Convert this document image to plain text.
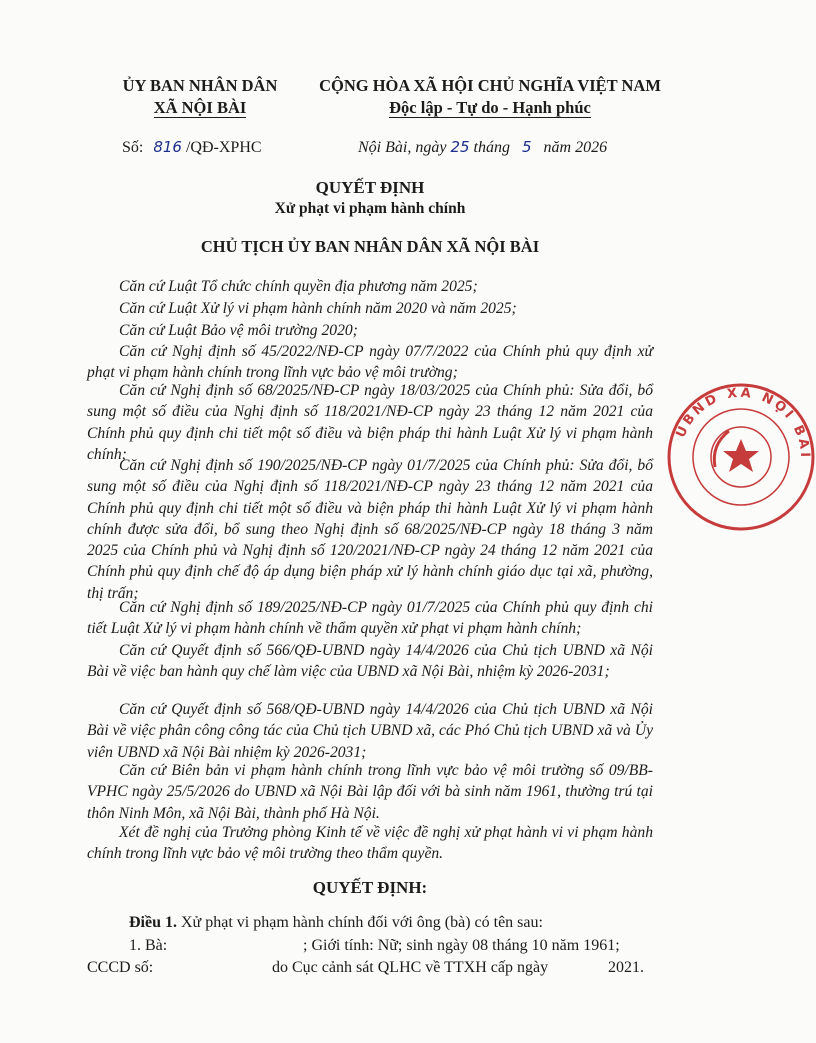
ỦY BAN NHÂN DÂN
XÃ NỘI BÀI
CỘNG HÒA XÃ HỘI CHỦ NGHĨA VIỆT NAM
Độc lập - Tự do - Hạnh phúc
Số: 816 /QĐ-XPHC	Nội Bài, ngày 25 tháng 5 năm 2026
QUYẾT ĐỊNH
Xử phạt vi phạm hành chính
CHỦ TỊCH ỦY BAN NHÂN DÂN XÃ NỘI BÀI

Căn cứ Luật Tổ chức chính quyền địa phương năm 2025;

Căn cứ Luật Xử lý vi phạm hành chính năm 2020 và năm 2025;

Căn cứ Luật Bảo vệ môi trường 2020;

Căn cứ Nghị định số 45/2022/NĐ-CP ngày 07/7/2022 của Chính phủ quy định xử phạt vi phạm hành chính trong lĩnh vực bảo vệ môi trường;

Căn cứ Nghị định số 68/2025/NĐ-CP ngày 18/03/2025 của Chính phủ: Sửa đổi, bổ sung một số điều của Nghị định số 118/2021/NĐ-CP ngày 23 tháng 12 năm 2021 của Chính phủ quy định chi tiết một số điều và biện pháp thi hành Luật Xử lý vi phạm hành chính;

Căn cứ Nghị định số 190/2025/NĐ-CP ngày 01/7/2025 của Chính phủ: Sửa đổi, bổ sung một số điều của Nghị định số 118/2021/NĐ-CP ngày 23 tháng 12 năm 2021 của Chính phủ quy định chi tiết một số điều và biện pháp thi hành Luật Xử lý vi phạm hành chính được sửa đổi, bổ sung theo Nghị định số 68/2025/NĐ-CP ngày 18 tháng 3 năm 2025 của Chính phủ và Nghị định số 120/2021/NĐ-CP ngày 24 tháng 12 năm 2021 của Chính phủ quy định chế độ áp dụng biện pháp xử lý hành chính giáo dục tại xã, phường, thị trấn;

Căn cứ Nghị định số 189/2025/NĐ-CP ngày 01/7/2025 của Chính phủ quy định chi tiết Luật Xử lý vi phạm hành chính về thẩm quyền xử phạt vi phạm hành chính;

Căn cứ Quyết định số 566/QĐ-UBND ngày 14/4/2026 của Chủ tịch UBND xã Nội Bài về việc ban hành quy chế làm việc của UBND xã Nội Bài, nhiệm kỳ 2026-2031;

Căn cứ Quyết định số 568/QĐ-UBND ngày 14/4/2026 của Chủ tịch UBND xã Nội Bài về việc phân công công tác của Chủ tịch UBND xã, các Phó Chủ tịch UBND xã và Ủy viên UBND xã Nội Bài nhiệm kỳ 2026-2031;

Căn cứ Biên bản vi phạm hành chính trong lĩnh vực bảo vệ môi trường số 09/BB-VPHC ngày 25/5/2026 do UBND xã Nội Bài lập đối với bà sinh năm 1961, thường trú tại thôn Ninh Môn, xã Nội Bài, thành phố Hà Nội.

Xét đề nghị của Trưởng phòng Kinh tế về việc đề nghị xử phạt hành vi vi phạm hành chính trong lĩnh vực bảo vệ môi trường theo thẩm quyền.

QUYẾT ĐỊNH:
Điều 1. Xử phạt vi phạm hành chính đối với ông (bà) có tên sau:
1. Bà:	; Giới tính: Nữ; sinh ngày 08 tháng 10 năm 1961;
CCCD số:	do Cục cảnh sát QLHC về TTXH cấp ngày	2021.
UBND XÃ NỘI BÀI
